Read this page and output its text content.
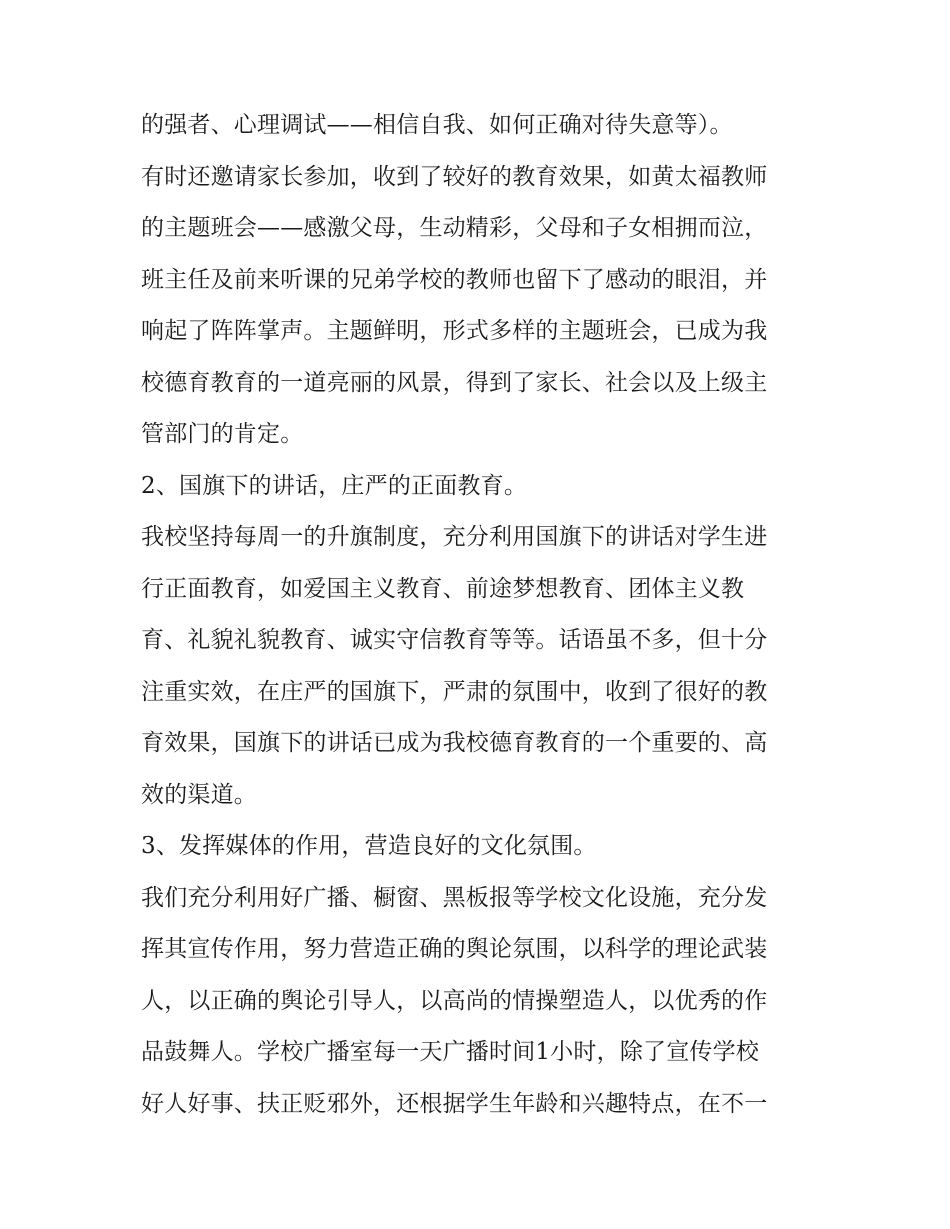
的强者、心理调试——相信自我、如何正确对待失意等）。
有时还邀请家长参加，收到了较好的教育效果，如黄太福教师
的主题班会——感激父母，生动精彩，父母和子女相拥而泣，
班主任及前来听课的兄弟学校的教师也留下了感动的眼泪，并
响起了阵阵掌声。主题鲜明，形式多样的主题班会，已成为我
校德育教育的一道亮丽的风景，得到了家长、社会以及上级主
管部门的肯定。
2、国旗下的讲话，庄严的正面教育。
我校坚持每周一的升旗制度，充分利用国旗下的讲话对学生进
行正面教育，如爱国主义教育、前途梦想教育、团体主义教
育、礼貌礼貌教育、诚实守信教育等等。话语虽不多，但十分
注重实效，在庄严的国旗下，严肃的氛围中，收到了很好的教
育效果，国旗下的讲话已成为我校德育教育的一个重要的、高
效的渠道。
3、发挥媒体的作用，营造良好的文化氛围。
我们充分利用好广播、橱窗、黑板报等学校文化设施，充分发
挥其宣传作用，努力营造正确的舆论氛围，以科学的理论武装
人，以正确的舆论引导人，以高尚的情操塑造人，以优秀的作
品鼓舞人。学校广播室每一天广播时间1小时，除了宣传学校
好人好事、扶正贬邪外，还根据学生年龄和兴趣特点，在不一
